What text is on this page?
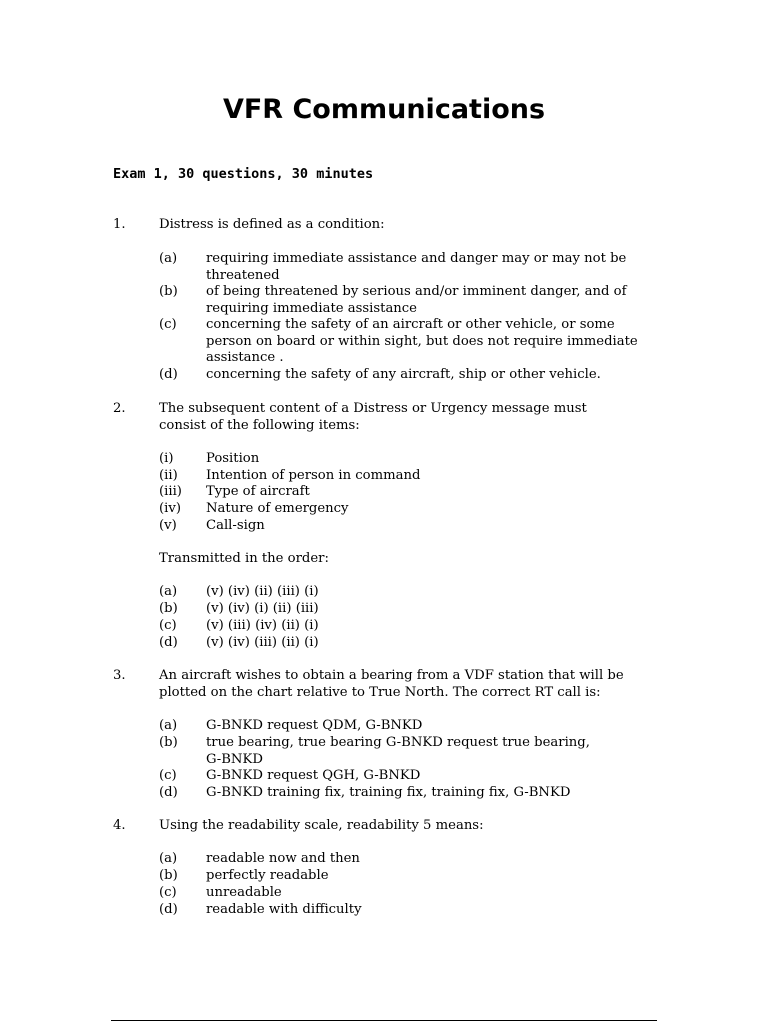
VFR Communications
Exam 1, 30 questions, 30 minutes
1.	Distress is defined as a condition:
(a) requiring immediate assistance and danger may or may not be
threatened
(b) of being threatened by serious and/or imminent danger, and of
requiring immediate assistance
(c) concerning the safety of an aircraft or other vehicle, or some
person on board or within sight, but does not require immediate
assistance .
(d) concerning the safety of any aircraft, ship or other vehicle.
2.	The subsequent content of a Distress or Urgency message must
consist of the following items:
(i) Position
(ii) Intention of person in command
(iii) Type of aircraft
(iv) Nature of emergency
(v) Call-sign
Transmitted in the order:
(a) (v) (iv) (ii) (iii) (i)
(b) (v) (iv) (i) (ii) (iii)
(c) (v) (iii) (iv) (ii) (i)
(d) (v) (iv) (iii) (ii) (i)
3.	An aircraft wishes to obtain a bearing from a VDF station that will be
plotted on the chart relative to True North. The correct RT call is:
(a) G-BNKD request QDM, G-BNKD
(b) true bearing, true bearing G-BNKD request true bearing,
G-BNKD
(c) G-BNKD request QGH, G-BNKD
(d) G-BNKD training fix, training fix, training fix, G-BNKD
4.	Using the readability scale, readability 5 means:
(a) readable now and then
(b) perfectly readable
(c) unreadable
(d) readable with difficulty
